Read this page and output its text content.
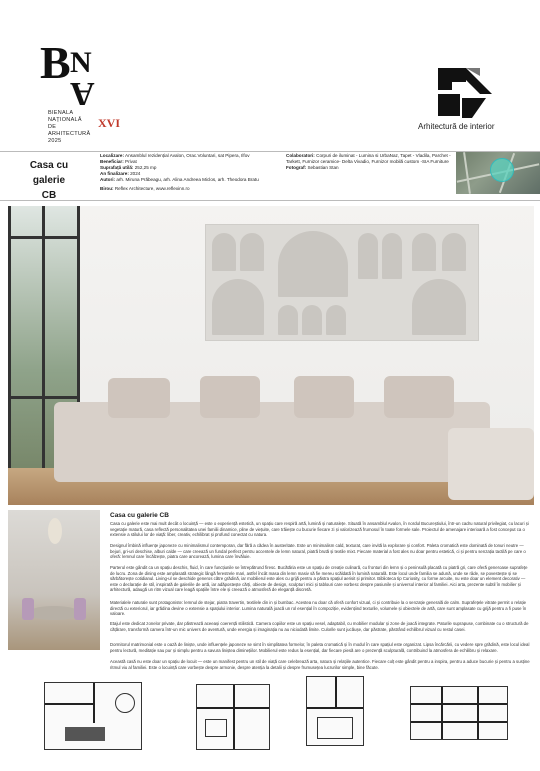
B N
A
BIENALA
NAȚIONALĂ
DE
ARHITECTURĂ
2025
XVI	Arhitectură de interior
Casa cu galerie
CB
Localizare: Ansamblul rezidențial Avalon, Orac.Voluntari, sat Pipera, Ilfov
Beneficiar: Privat
Suprafață utilă: 252,25 mp
An finalizare: 2024
Autori: arh. Miruna Prăbeagu, arh. Alina Andreea Miclos, arh. Theodora Bratu
Birou: Reflex Architecture, www.reflexinn.ro
Colaboratori: Corpuri de iluminat - Lumina si UrbaNaz, Tapet - Vladila, Parchet -Tarkett, Furnizor ceramice- Delta Vivadio, Furnizor mobilă custom -SIA Furniture
Fotograf: Sebastian Stan
Casa cu galerie CB
Casa cu galerie este mai mult decât o locuință — este o experiență estetică, un spațiu care respiră artă, lumină și naturalețe. Situată în ansamblul Avalon, în nordul Bucureștiului, într-un cadru natural privilegiat, cu lacuri și vegetație matură, casa reflectă personalitatea unei familii dinamice, pline de viețuite, care trăiește cu bucurie fiecare zi și valorizează frumosul în toate formele sale. Proiectul de amenajare interioară a fost conceput ca o extensie a stilului lor de viață: liber, creativ, echilibrat și profund conectat cu natura.
Designul îmbină influențe japoneze cu minimalismul contemporan, dar fără a cădea în austeritate. Este un minimalism cald, texturat, care invită la explorare și confort. Paleta cromatică este dominată de tonuri neutre — bejuri, gri-uri deschise, alburi calde — care creează un fundal perfect pentru accentele de lemn natural, piatră brută și textile mixt. Fiecare material a fost ales nu doar pentru estetică, ci și pentru senzația tactilă pe care o oferă: lemnul care încălzește, piatra care ancorează, lumina care învăluie.
Parterul este gândit ca un spațiu deschis, fluid, în care funcțiunile se întrepătrund firesc. Bucătăria este un spațiu de creație culinară, cu fronturi din lemn și o peninsulă placată cu piatră gri, care oferă generoase suprafețe de lucru. Zona de dining este amplasată strategic lângă ferestrele mari, astfel încât masa din lemn masiv să fie mereu scăldată în lumină naturală. Este locul unde familia se adună, unde se râde, se povestește și se sărbătorește cotidianul. Living-ul se deschide generos către grădină, iar mobilierul este ales cu grijă pentru a păstra spațiul aerisit și primitor. Biblioteca tip Curiosity, cu forme arcuite, nu este doar un element decorativ — este o declarație de stil, inspirată de galeriile de artă, iar adăpostește cărți, obiecte de design, sculpturi mici și tablouri care vorbesc despre pasiunile și universul interior al familiei. Aici arta, prezente subtil în mobilier și arhitectură, adaugă un ritm vizual care leagă spațiile între ele și creează o atmosferă de eleganță discretă.
Materialele naturale sunt protagoniste: lemnul de stejar, piatra travertin, textilele din in și bumbac. Acestea nu doar că oferă confort vizual, ci și contribuie la o senzație generală de calm. Suprafețele vitrate permit o relație directă cu exteriorul, iar grădina devine o extensie a spațiului interior. Lumina naturală joacă un rol esențial în compoziție, evidențiind texturile, volumele și obiectele de artă, care sunt amplasate cu grijă pentru a fi puse în valoare.
Etajul este dedicat zonelor private, dar păstrează aceeași coerență stilistică. Camera copiilor este un spațiu vesel, adaptabil, cu mobilier modular și zone de joacă integrate. Paturile suprapuse, combinate cu o structură de cățărare, transformă camera într-un mic univers de aventură, unde energia și imaginația nu au niciodată limite. Culorile sunt jucăușe, dar păstrate, păstrând echilibrul vizual cu restul casei.
Dormitorul matrimonial este o oază de liniște, unde influențele japoneze se simt în simplitatea formelor, în paleta cromatică și în modul în care spațiul este organizat. Lipsa încărcării, cu vedere spre grădină, este locul ideal pentru lectură, meditație sau pur și simplu pentru a savura liniștea diminețiilor. Mobilierul este redus la esențial, dar fiecare piesă are o prezență sculpturală, contribuind la atmosfera de echilibru și relaxare.
Această casă nu este doar un spațiu de locuit — este un manifest pentru un stil de viață care celebrează arta, natura și relațiile autentice. Fiecare colț este gândit pentru a inspira, pentru a aduce bucurie și pentru a susține ritmul viu al familiei. Este o locuință care vorbește despre armonie, despre atenția la detalii și despre frumusețea lucrurilor simple, bine făcute.
